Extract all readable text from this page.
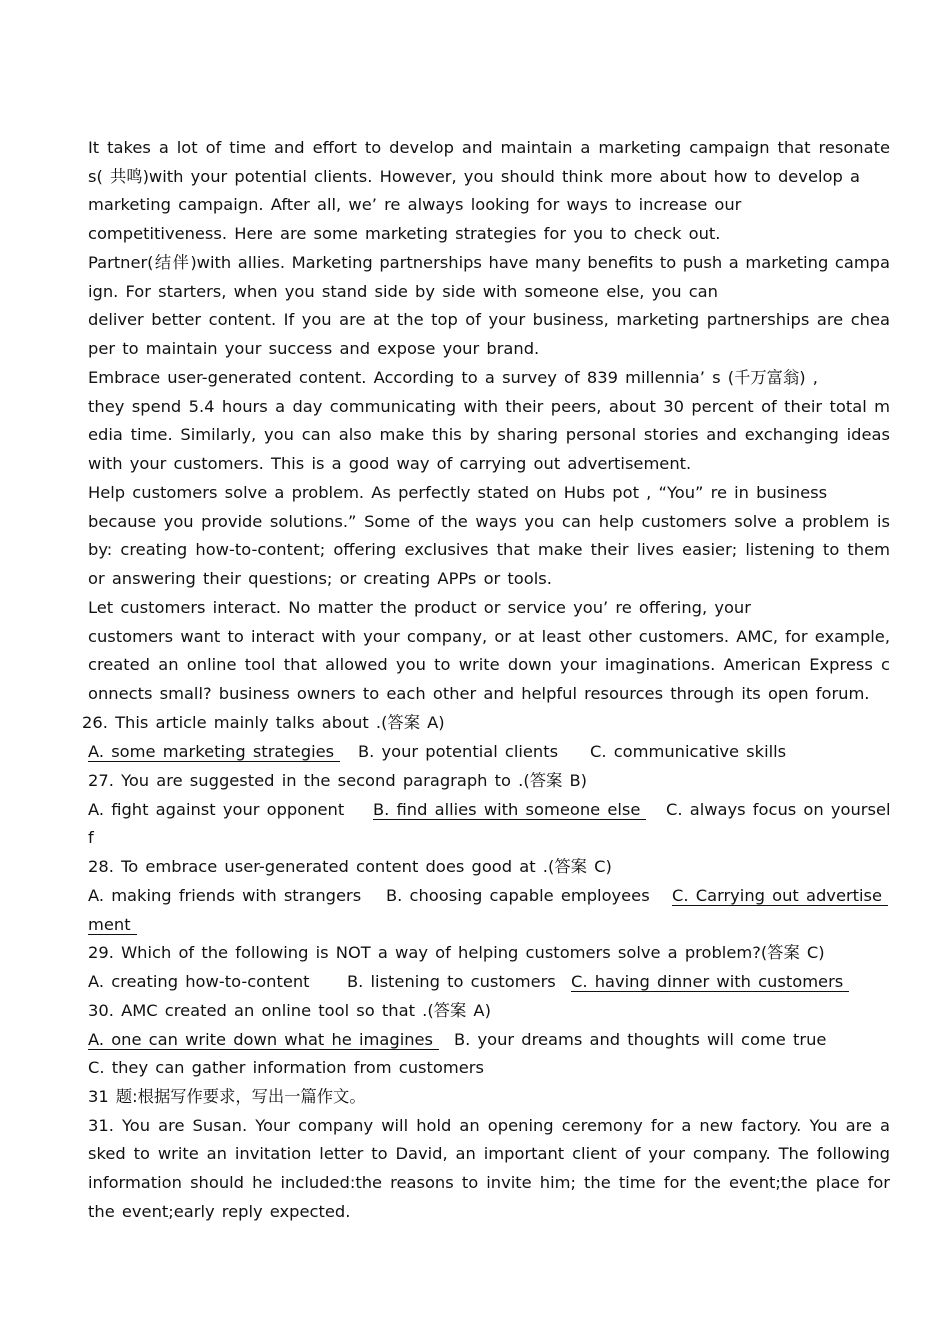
It takes a lot of time and effort to develop and maintain a marketing campaign that resonate
s( 共鸣)with your potential clients. However, you should think more about how to develop a
marketing campaign. After all, we’ re always looking for ways to increase our
competitiveness. Here are some marketing strategies for you to check out.
Partner(结伴)with allies. Marketing partnerships have many benefits to push a marketing campa
ign. For starters, when you stand side by side with someone else, you can
deliver better content. If you are at the top of your business, marketing partnerships are chea
per to maintain your success and expose your brand.
Embrace user-generated content. According to a survey of 839 millennia’ s (千万富翁) ,
they spend 5.4 hours a day communicating with their peers, about 30 percent of their total m
edia time. Similarly, you can also make this by sharing personal stories and exchanging ideas
with your customers. This is a good way of carrying out advertisement.
Help customers solve a problem. As perfectly stated on Hubs pot , “You” re in business
because you provide solutions.” Some of the ways you can help customers solve a problem is
by: creating how-to-content; offering exclusives that make their lives easier; listening to them
or answering their questions; or creating APPs or tools.
Let customers interact. No matter the product or service you’ re offering, your
customers want to interact with your company, or at least other customers. AMC, for example,
created an online tool that allowed you to write down your imaginations. American Express c
onnects small? business owners to each other and helpful resources through its open forum.
26. This article mainly talks about .(答案 A)
A. some marketing strategies	B. your potential clients C. communicative skills
27. You are suggested in the second paragraph to .(答案 B)
A. fight against your opponent B. find allies with someone else	C. always focus on yoursel
f
28. To embrace user-generated content does good at .(答案 C)
A. making friends with strangers B. choosing capable employees C. Carrying out advertise
ment
29. Which of the following is NOT a way of helping customers solve a problem?(答案 C)
A. creating how-to-content B. listening to customers C. having dinner with customers
30. AMC created an online tool so that .(答案 A)
A. one can write down what he imagines	B. your dreams and thoughts will come true
C. they can gather information from customers
31 题:根据写作要求，写出一篇作文。
31. You are Susan. Your company will hold an opening ceremony for a new factory. You are a
sked to write an invitation letter to David, an important client of your company. The following
information should he included:the reasons to invite him; the time for the event;the place for
the event;early reply expected.
